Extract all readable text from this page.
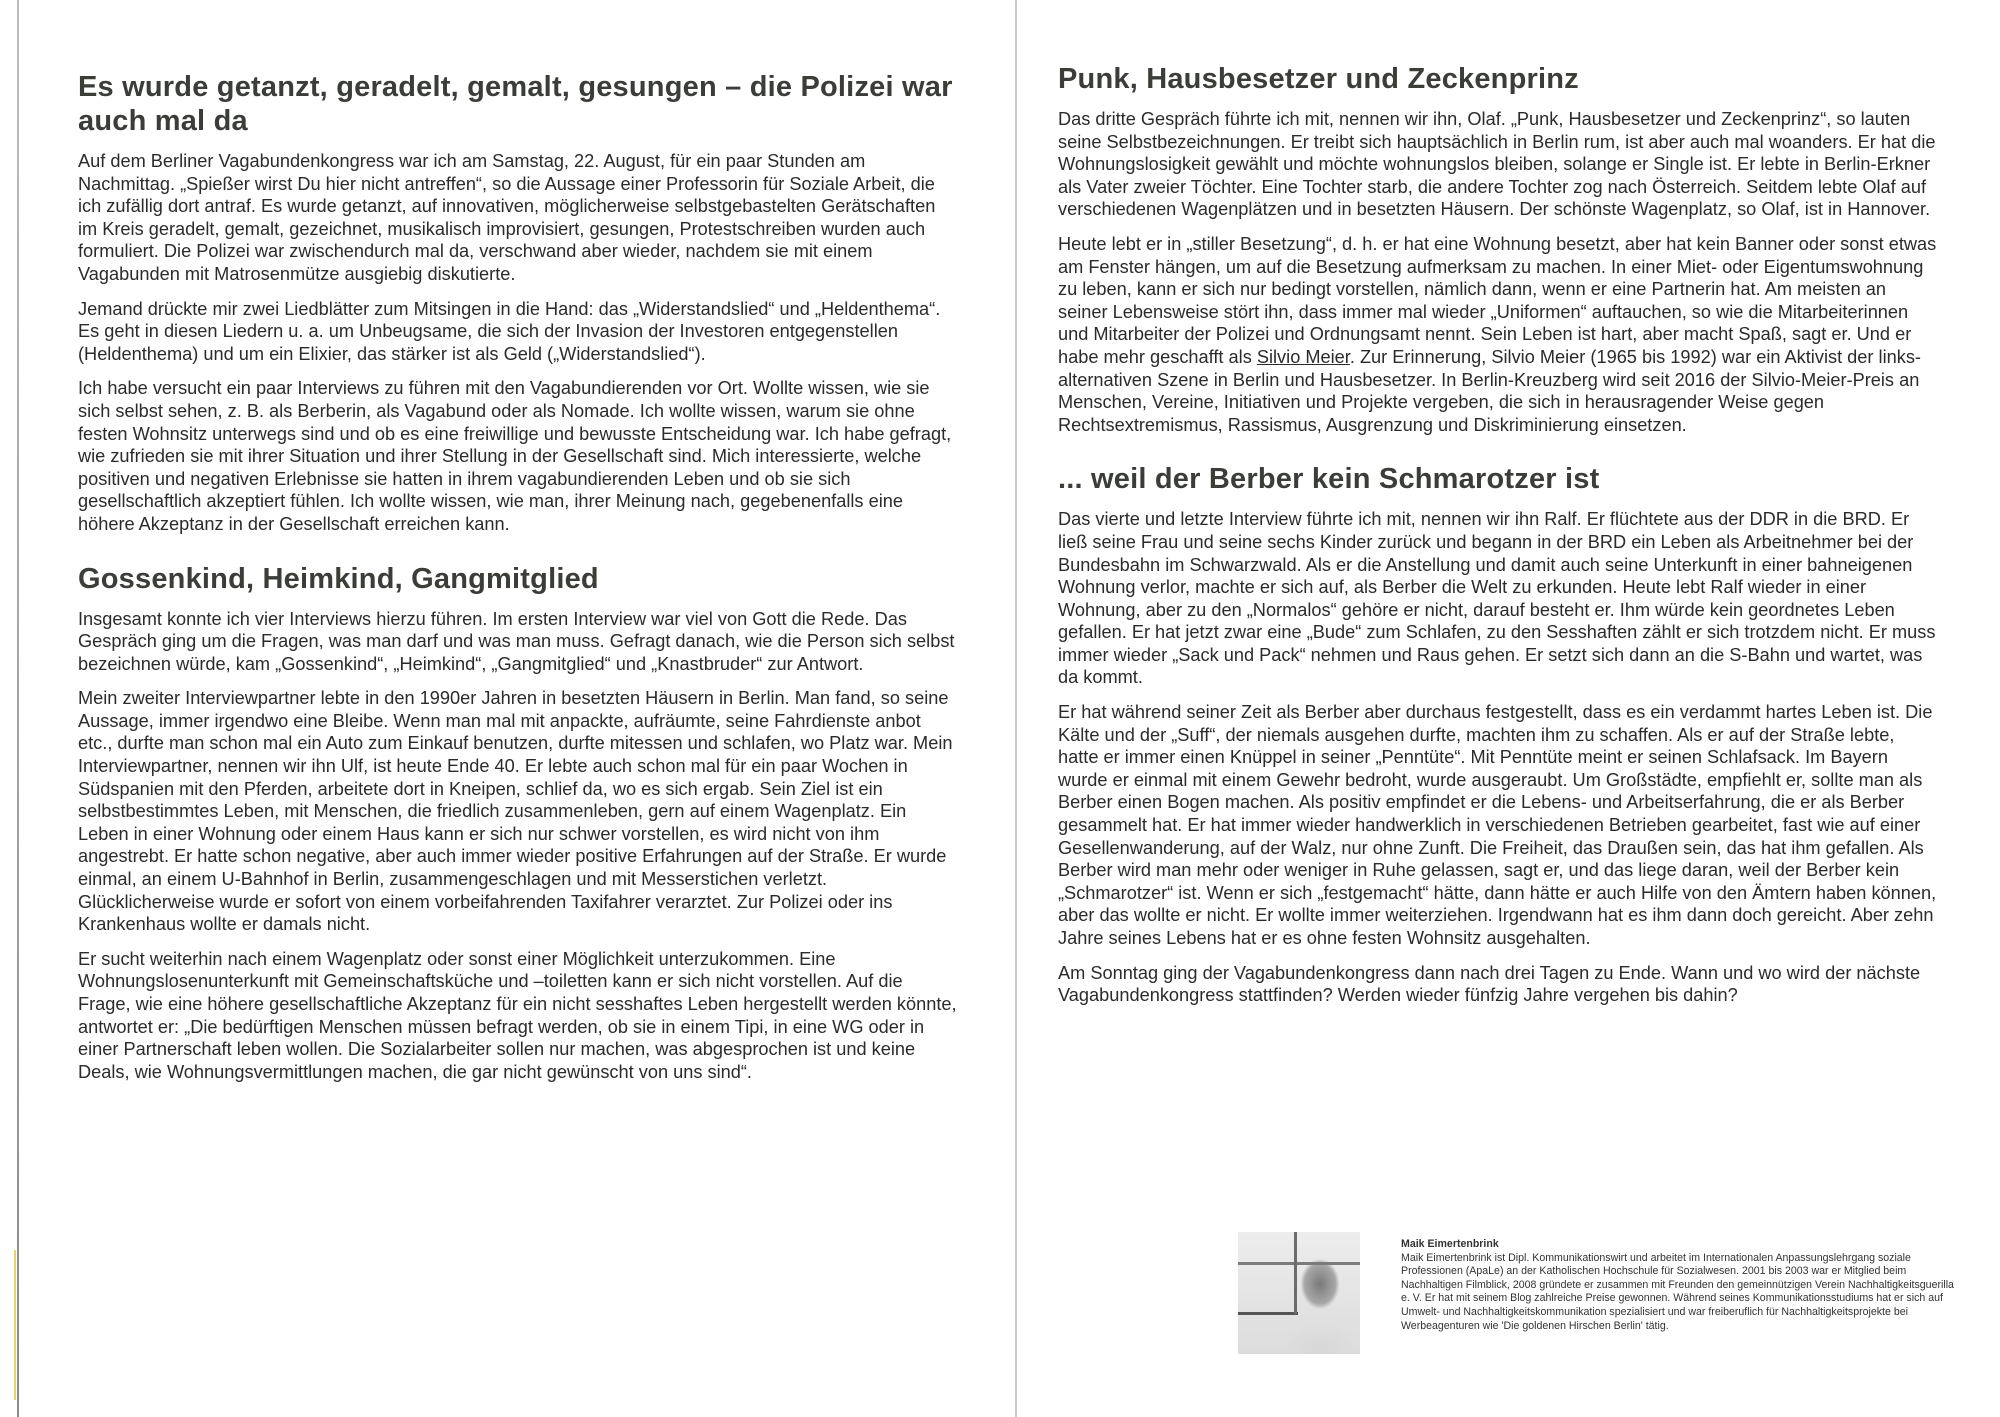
Es wurde getanzt, geradelt, gemalt, gesungen – die Polizei war auch mal da

Auf dem Berliner Vagabundenkongress war ich am Samstag, 22. August, für ein paar Stunden am Nachmittag. „Spießer wirst Du hier nicht antreffen“, so die Aussage einer Professorin für Soziale Arbeit, die ich zufällig dort antraf. Es wurde getanzt, auf innovativen, möglicherweise selbstgebastelten Gerätschaften im Kreis geradelt, gemalt, gezeichnet, musikalisch improvisiert, gesungen, Protestschreiben wurden auch formuliert. Die Polizei war zwischendurch mal da, verschwand aber wieder, nachdem sie mit einem Vagabunden mit Matrosenmütze ausgiebig diskutierte.

Jemand drückte mir zwei Liedblätter zum Mitsingen in die Hand: das „Widerstandslied“ und „Heldenthema“. Es geht in diesen Liedern u. a. um Unbeugsame, die sich der Invasion der Investoren entgegenstellen (Heldenthema) und um ein Elixier, das stärker ist als Geld („Widerstandslied“).

Ich habe versucht ein paar Interviews zu führen mit den Vagabundierenden vor Ort. Wollte wissen, wie sie sich selbst sehen, z. B. als Berberin, als Vagabund oder als Nomade. Ich wollte wissen, warum sie ohne festen Wohnsitz unterwegs sind und ob es eine freiwillige und bewusste Entscheidung war. Ich habe gefragt, wie zufrieden sie mit ihrer Situation und ihrer Stellung in der Gesellschaft sind. Mich interessierte, welche positiven und negativen Erlebnisse sie hatten in ihrem vagabundierenden Leben und ob sie sich gesellschaftlich akzeptiert fühlen. Ich wollte wissen, wie man, ihrer Meinung nach, gegebenenfalls eine höhere Akzeptanz in der Gesellschaft erreichen kann.

Gossenkind, Heimkind, Gangmitglied

Insgesamt konnte ich vier Interviews hierzu führen. Im ersten Interview war viel von Gott die Rede. Das Gespräch ging um die Fragen, was man darf und was man muss. Gefragt danach, wie die Person sich selbst bezeichnen würde, kam „Gossenkind“, „Heimkind“, „Gangmitglied“ und „Knastbruder“ zur Antwort.

Mein zweiter Interviewpartner lebte in den 1990er Jahren in besetzten Häusern in Berlin. Man fand, so seine Aussage, immer irgendwo eine Bleibe. Wenn man mal mit anpackte, aufräumte, seine Fahrdienste anbot etc., durfte man schon mal ein Auto zum Einkauf benutzen, durfte mitessen und schlafen, wo Platz war. Mein Interviewpartner, nennen wir ihn Ulf, ist heute Ende 40. Er lebte auch schon mal für ein paar Wochen in Südspanien mit den Pferden, arbeitete dort in Kneipen, schlief da, wo es sich ergab. Sein Ziel ist ein selbstbestimmtes Leben, mit Menschen, die friedlich zusammenleben, gern auf einem Wagenplatz. Ein Leben in einer Wohnung oder einem Haus kann er sich nur schwer vorstellen, es wird nicht von ihm angestrebt. Er hatte schon negative, aber auch immer wieder positive Erfahrungen auf der Straße. Er wurde einmal, an einem U-Bahnhof in Berlin, zusammengeschlagen und mit Messerstichen verletzt. Glücklicherweise wurde er sofort von einem vorbeifahrenden Taxifahrer verarztet. Zur Polizei oder ins Krankenhaus wollte er damals nicht.

Er sucht weiterhin nach einem Wagenplatz oder sonst einer Möglichkeit unterzukommen. Eine Wohnungslosenunterkunft mit Gemeinschaftsküche und –toiletten kann er sich nicht vorstellen. Auf die Frage, wie eine höhere gesellschaftliche Akzeptanz für ein nicht sesshaftes Leben hergestellt werden könnte, antwortet er: „Die bedürftigen Menschen müssen befragt werden, ob sie in einem Tipi, in eine WG oder in einer Partnerschaft leben wollen. Die Sozialarbeiter sollen nur machen, was abgesprochen ist und keine Deals, wie Wohnungsvermittlungen machen, die gar nicht gewünscht von uns sind“.

Punk, Hausbesetzer und Zeckenprinz

Das dritte Gespräch führte ich mit, nennen wir ihn, Olaf. „Punk, Hausbesetzer und Zeckenprinz“, so lauten seine Selbstbezeichnungen. Er treibt sich hauptsächlich in Berlin rum, ist aber auch mal woanders. Er hat die Wohnungslosigkeit gewählt und möchte wohnungslos bleiben, solange er Single ist. Er lebte in Berlin-Erkner als Vater zweier Töchter. Eine Tochter starb, die andere Tochter zog nach Österreich. Seitdem lebte Olaf auf verschiedenen Wagenplätzen und in besetzten Häusern. Der schönste Wagenplatz, so Olaf, ist in Hannover.

Heute lebt er in „stiller Besetzung“, d. h. er hat eine Wohnung besetzt, aber hat kein Banner oder sonst etwas am Fenster hängen, um auf die Besetzung aufmerksam zu machen. In einer Miet- oder Eigentumswohnung zu leben, kann er sich nur bedingt vorstellen, nämlich dann, wenn er eine Partnerin hat. Am meisten an seiner Lebensweise stört ihn, dass immer mal wieder „Uniformen“ auftauchen, so wie die Mitarbeiterinnen und Mitarbeiter der Polizei und Ordnungsamt nennt. Sein Leben ist hart, aber macht Spaß, sagt er. Und er habe mehr geschafft als Silvio Meier. Zur Erinnerung, Silvio Meier (1965 bis 1992) war ein Aktivist der links-alternativen Szene in Berlin und Hausbesetzer. In Berlin-Kreuzberg wird seit 2016 der Silvio-Meier-Preis an Menschen, Vereine, Initiativen und Projekte vergeben, die sich in herausragender Weise gegen Rechtsextremismus, Rassismus, Ausgrenzung und Diskriminierung einsetzen.

... weil der Berber kein Schmarotzer ist

Das vierte und letzte Interview führte ich mit, nennen wir ihn Ralf. Er flüchtete aus der DDR in die BRD. Er ließ seine Frau und seine sechs Kinder zurück und begann in der BRD ein Leben als Arbeitnehmer bei der Bundesbahn im Schwarzwald. Als er die Anstellung und damit auch seine Unterkunft in einer bahneigenen Wohnung verlor, machte er sich auf, als Berber die Welt zu erkunden. Heute lebt Ralf wieder in einer Wohnung, aber zu den „Normalos“ gehöre er nicht, darauf besteht er. Ihm würde kein geordnetes Leben gefallen. Er hat jetzt zwar eine „Bude“ zum Schlafen, zu den Sesshaften zählt er sich trotzdem nicht. Er muss immer wieder „Sack und Pack“ nehmen und Raus gehen. Er setzt sich dann an die S-Bahn und wartet, was da kommt.

Er hat während seiner Zeit als Berber aber durchaus festgestellt, dass es ein verdammt hartes Leben ist. Die Kälte und der „Suff“, der niemals ausgehen durfte, machten ihm zu schaffen. Als er auf der Straße lebte, hatte er immer einen Knüppel in seiner „Penntüte“. Mit Penntüte meint er seinen Schlafsack. Im Bayern wurde er einmal mit einem Gewehr bedroht, wurde ausgeraubt. Um Großstädte, empfiehlt er, sollte man als Berber einen Bogen machen. Als positiv empfindet er die Lebens- und Arbeitserfahrung, die er als Berber gesammelt hat. Er hat immer wieder handwerklich in verschiedenen Betrieben gearbeitet, fast wie auf einer Gesellenwanderung, auf der Walz, nur ohne Zunft. Die Freiheit, das Draußen sein, das hat ihm gefallen. Als Berber wird man mehr oder weniger in Ruhe gelassen, sagt er, und das liege daran, weil der Berber kein „Schmarotzer“ ist. Wenn er sich „festgemacht“ hätte, dann hätte er auch Hilfe von den Ämtern haben können, aber das wollte er nicht. Er wollte immer weiterziehen. Irgendwann hat es ihm dann doch gereicht. Aber zehn Jahre seines Lebens hat er es ohne festen Wohnsitz ausgehalten.

Am Sonntag ging der Vagabundenkongress dann nach drei Tagen zu Ende. Wann und wo wird der nächste Vagabundenkongress stattfinden? Werden wieder fünfzig Jahre vergehen bis dahin?

Maik Eimertenbrink
Maik Eimertenbrink ist Dipl. Kommunikationswirt und arbeitet im Internationalen Anpassungslehrgang soziale Professionen (ApaLe) an der Katholischen Hochschule für Sozialwesen. 2001 bis 2003 war er Mitglied beim Nachhaltigen Filmblick, 2008 gründete er zusammen mit Freunden den gemeinnützigen Verein Nachhaltigkeitsguerilla e. V. Er hat mit seinem Blog zahlreiche Preise gewonnen. Während seines Kommunikationsstudiums hat er sich auf Umwelt- und Nachhaltigkeitskommunikation spezialisiert und war freiberuflich für Nachhaltigkeitsprojekte bei Werbeagenturen wie 'Die goldenen Hirschen Berlin' tätig.
